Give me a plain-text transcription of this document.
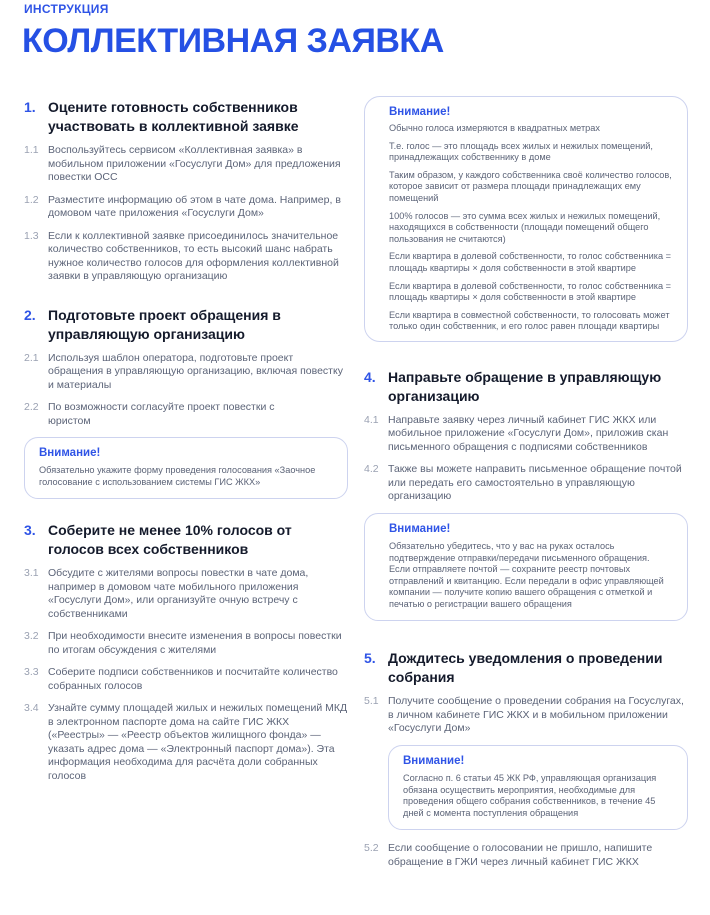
ИНСТРУКЦИЯ
КОЛЛЕКТИВНАЯ ЗАЯВКА
1. Оцените готовность собственников участвовать в коллективной заявке
1.1 Воспользуйтесь сервисом «Коллективная заявка» в мобильном приложении «Госуслуги Дом» для предложения повестки ОСС
1.2 Разместите информацию об этом в чате дома. Например, в домовом чате приложения «Госуслуги Дом»
1.3 Если к коллективной заявке присоединилось значительное количество собственников, то есть высокий шанс набрать нужное количество голосов для оформления коллективной заявки в управляющую организацию
2. Подготовьте проект обращения в управляющую организацию
2.1 Используя шаблон оператора, подготовьте проект обращения в управляющую организацию, включая повестку и материалы
2.2 По возможности согласуйте проект повестки с юристом
Внимание!
Обязательно укажите форму проведения голосования «Заочное голосование с использованием системы ГИС ЖКХ»
3. Соберите не менее 10% голосов от голосов всех собственников
3.1 Обсудите с жителями вопросы повестки в чате дома, например в домовом чате мобильного приложения «Госуслуги Дом», или организуйте очную встречу с собственниками
3.2 При необходимости внесите изменения в вопросы повестки по итогам обсуждения с жителями
3.3 Соберите подписи собственников и посчитайте количество собранных голосов
3.4 Узнайте сумму площадей жилых и нежилых помещений МКД в электронном паспорте дома на сайте ГИС ЖКХ («Реестры» — «Реестр объектов жилищного фонда» — указать адрес дома — «Электронный паспорт дома»). Эта информация необходима для расчёта доли собранных голосов
Внимание!
Обычно голоса измеряются в квадратных метрах
Т.е. голос — это площадь всех жилых и нежилых помещений, принадлежащих собственнику в доме
Таким образом, у каждого собственника своё количество голосов, которое зависит от размера площади принадлежащих ему помещений
100% голосов — это сумма всех жилых и нежилых помещений, находящихся в собственности (площади помещений общего пользования не считаются)
Если квартира в долевой собственности, то голос собственника = площадь квартиры × доля собственности в этой квартире
Если квартира в долевой собственности, то голос собственника = площадь квартиры × доля собственности в этой квартире
Если квартира в совместной собственности, то голосовать может только один собственник, и его голос равен площади квартиры
4. Направьте обращение в управляющую организацию
4.1 Направьте заявку через личный кабинет ГИС ЖКХ или мобильное приложение «Госуслуги Дом», приложив скан письменного обращения с подписями собственников
4.2 Также вы можете направить письменное обращение почтой или передать его самостоятельно в управляющую организацию
Внимание!
Обязательно убедитесь, что у вас на руках осталось подтверждение отправки/передачи письменного обращения. Если отправляете почтой — сохраните реестр почтовых отправлений и квитанцию. Если передали в офис управляющей компании — получите копию вашего обращения с отметкой и печатью о регистрации вашего обращения
5. Дождитесь уведомления о проведении собрания
5.1 Получите сообщение о проведении собрания на Госуслугах, в личном кабинете ГИС ЖКХ и в мобильном приложении «Госуслуги Дом»
Внимание!
Согласно п. 6 статьи 45 ЖК РФ, управляющая организация обязана осуществить мероприятия, необходимые для проведения общего собрания собственников, в течение 45 дней с момента поступления обращения
5.2 Если сообщение о голосовании не пришло, напишите обращение в ГЖИ через личный кабинет ГИС ЖКХ
